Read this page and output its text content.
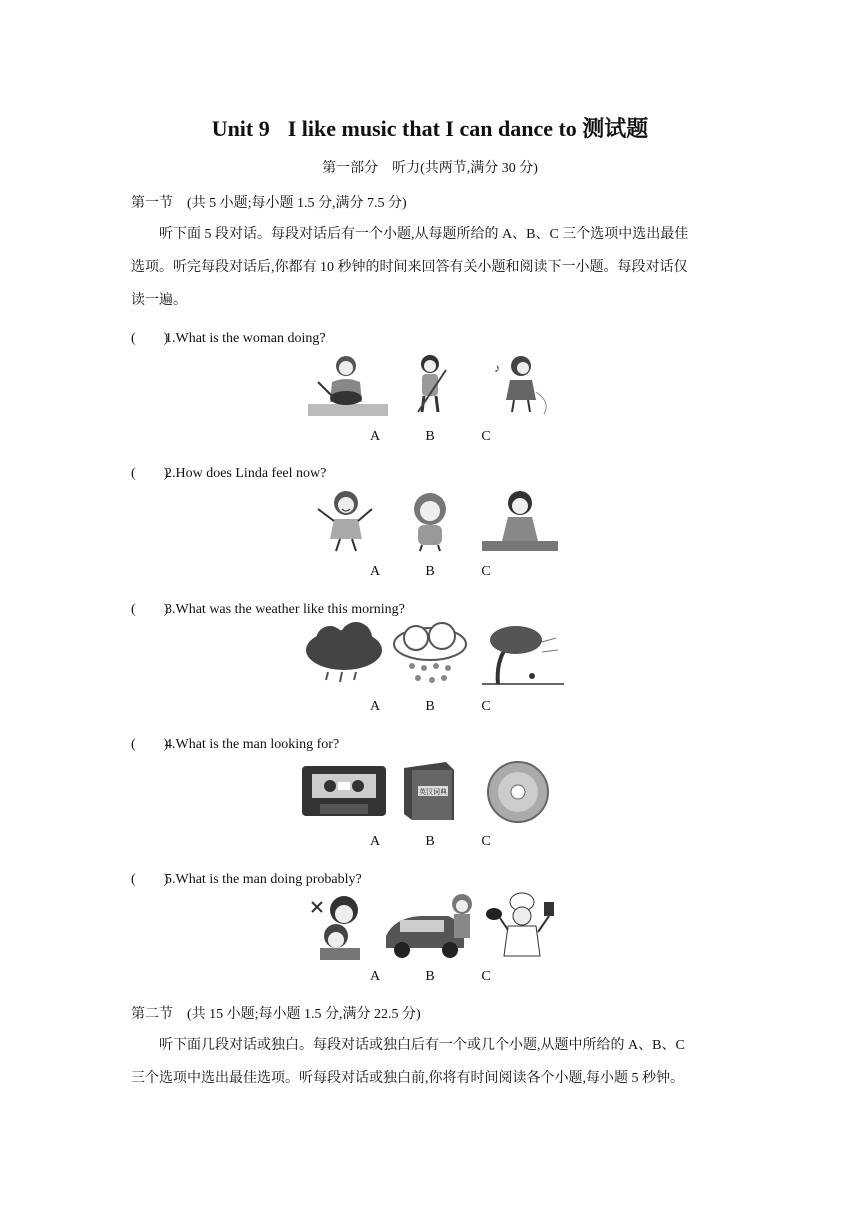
Unit 9 I like music that I can dance to 测试题
第一部分　听力(共两节,满分 30 分)
第一节　(共 5 小题;每小题 1.5 分,满分 7.5 分)
听下面 5 段对话。每段对话后有一个小题,从每题所给的 A、B、C 三个选项中选出最佳
选项。听完每段对话后,你都有 10 秒钟的时间来回答有关小题和阅读下一小题。每段对话仅
读一遍。
(　　)1.What is the woman doing?
♪
A	B	C
(　　)2.How does Linda feel now?
A	B	C
(　　)3.What was the weather like this morning?
A	B	C
(　　)4.What is the man looking for?
英汉词典
A	B	C
(　　)5.What is the man doing probably?
A	B	C
第二节　(共 15 小题;每小题 1.5 分,满分 22.5 分)
听下面几段对话或独白。每段对话或独白后有一个或几个小题,从题中所给的 A、B、C
三个选项中选出最佳选项。听每段对话或独白前,你将有时间阅读各个小题,每小题 5 秒钟。
